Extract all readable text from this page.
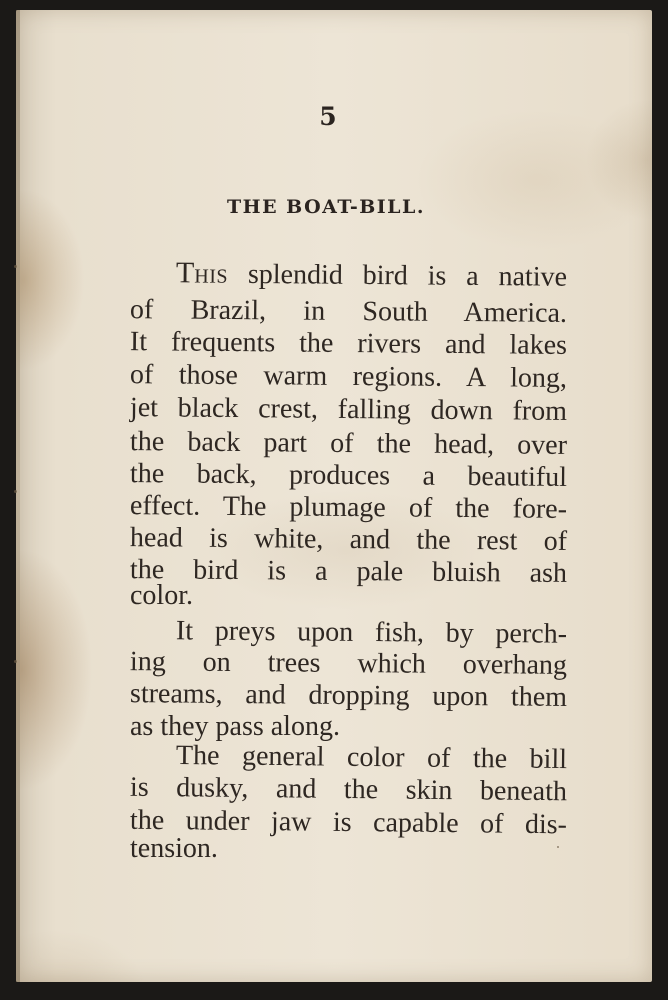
5
THE BOAT-BILL.
THIS splendid bird is a native
of Brazil, in South America.
It frequents the rivers and lakes
of those warm regions. A long,
jet black crest, falling down from
the back part of the head, over
the back, produces a beautiful
effect. The plumage of the fore-
head is white, and the rest of
the bird is a pale bluish ash
color.
It preys upon fish, by perch-
ing on trees which overhang
streams, and dropping upon them
as they pass along.
The general color of the bill
is dusky, and the skin beneath
the under jaw is capable of dis-
tension.
